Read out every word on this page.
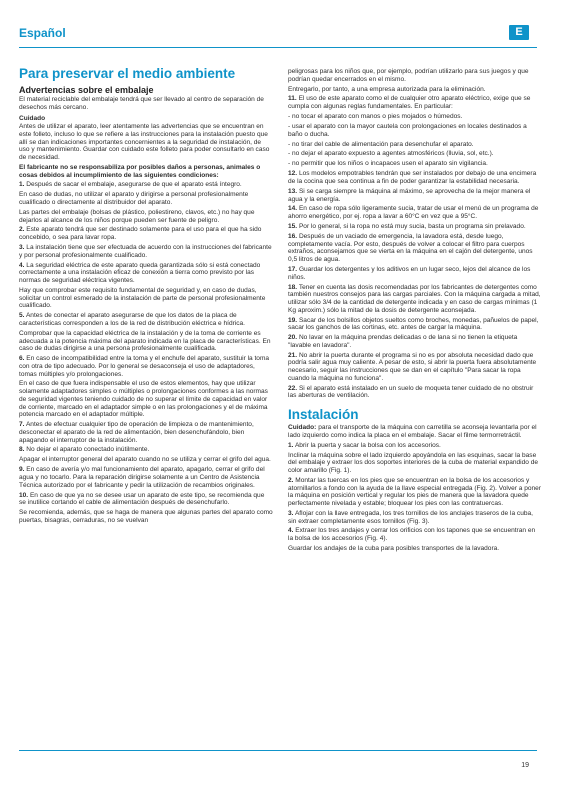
Español	E
Para preservar el medio ambiente
Advertencias sobre el embalaje

El material reciclable del embalaje tendrá que ser llevado al centro de separación de desechos más cercano.

Cuidado

Antes de utilizar el aparato, leer atentamente las advertencias que se encuentran en este folleto, incluso lo que se refiere a las instrucciones para la instalación puesto que allí se dan indicaciones importantes concernientes a la seguridad de instalación, de uso y mantenimiento. Guardar con cuidado este folleto para poder consultarlo en caso de necesidad.

El fabricante no se responsabiliza por posibles daños a personas, animales o cosas debidos al incumplimiento de las siguientes condiciones:

1. Después de sacar el embalaje, asegurarse de que el aparato está íntegro.

En caso de dudas, no utilizar el aparato y dirigirse a personal profesionalmente cualificado o directamente al distribuidor del aparato.

Las partes del embalaje (bolsas de plástico, poliestireno, clavos, etc.) no hay que dejarlos al alcance de los niños porque pueden ser fuente de peligro.

2. Este aparato tendrá que ser destinado solamente para el uso para el que ha sido concebido, o sea para lavar ropa.

3. La instalación tiene que ser efectuada de acuerdo con la instrucciones del fabricante y por personal profesionalmente cualificado.

4. La seguridad eléctrica de este aparato queda garantizada sólo si está conectado correctamente a una instalación eficaz de conexión a tierra como previsto por las normas de seguridad eléctrica vigentes.

Hay que comprobar este requisito fundamental de seguridad y, en caso de dudas, solicitar un control esmerado de la instalación de parte de personal profesionalmente cualificado.

5. Antes de conectar el aparato asegurarse de que los datos de la placa de características corresponden a los de la red de distribución eléctrica e hídrica.

Comprobar que la capacidad eléctrica de la instalación y de la toma de corriente es adecuada a la potencia máxima del aparato indicada en la placa de características. En caso de dudas dirigirse a una persona profesionalmente cualificada.

6. En caso de incompatibilidad entre la toma y el enchufe del aparato, sustituir la toma con otra de tipo adecuado. Por lo general se desaconseja el uso de adaptadores, tomas múltiples y/o prolongaciones.

En el caso de que fuera indispensable el uso de estos elementos, hay que utilizar solamente adaptadores simples o múltiples o prolongaciones conformes a las normas de seguridad vigentes teniendo cuidado de no superar el límite de capacidad en valor de corriente, marcado en el adaptador simple o en las prolongaciones y el de máxima potencia marcado en el adaptador múltiple.

7. Antes de efectuar cualquier tipo de operación de limpieza o de mantenimiento, desconectar el aparato de la red de alimentación, bien desenchufándolo, bien apagando el interruptor de la instalación.

8. No dejar el aparato conectado inútilmente.

Apagar el interruptor general del aparato cuando no se utiliza y cerrar el grifo del agua.

9. En caso de avería y/o mal funcionamiento del aparato, apagarlo, cerrar el grifo del agua y no tocarlo. Para la reparación dirigirse solamente a un Centro de Asistencia Técnica autorizado por el fabricante y pedir la utilización de recambios originales.

10. En caso de que ya no se desee usar un aparato de este tipo, se recomienda que se inutilice cortando el cable de alimentación después de desenchufarlo.

Se recomienda, además, que se haga de manera que algunas partes del aparato como puertas, bisagras, cerraduras, no se vuelvan

peligrosas para los niños que, por ejemplo, podrían utilizarlo para sus juegos y que podrían quedar encerrados en el mismo.

Entregarlo, por tanto, a una empresa autorizada para la eliminación.

11. El uso de este aparato como el de cualquier otro aparato eléctrico, exige que se cumpla con algunas reglas fundamentales. En particular:

- no tocar el aparato con manos o pies mojados o húmedos.

- usar el aparato con la mayor cautela con prolongaciones en locales destinados a baño o ducha.

- no tirar del cable de alimentación para desenchufar el aparato.

- no dejar el aparato expuesto a agentes atmosféricos (lluvia, sol, etc.).

- no permitir que los niños o incapaces usen el aparato sin vigilancia.

12. Los modelos empotrables tendrán que ser instalados por debajo de una encimera de la cocina que sea continua a fin de poder garantizar la estabilidad necesaria.

13. Si se carga siempre la máquina al máximo, se aprovecha de la mejor manera el agua y la energía.

14. En caso de ropa sólo ligeramente sucia, tratar de usar el menú de un programa de ahorro energético, por ej. ropa a lavar a 60°C en vez que a 95°C.

15. Por lo general, si la ropa no está muy sucia, basta un programa sin prelavado.

16. Después de un vaciado de emergencia, la lavadora está, desde luego, completamente vacía. Por esto, después de volver a colocar el filtro para cuerpos extraños, aconsejamos que se vierta en la máquina en el cajón del detergente, unos 0,5 litros de agua.

17. Guardar los detergentes y los aditivos en un lugar seco, lejos del alcance de los niños.

18. Tener en cuenta las dosis recomendadas por los fabricantes de detergentes como también nuestros consejos para las cargas parciales. Con la máquina cargada a mitad, utilizar sólo 3/4 de la cantidad de detergente indicada y en caso de cargas mínimas (1 Kg aproxim.) sólo la mitad de la dosis de detergente aconsejada.

19. Sacar de los bolsillos objetos sueltos como broches, monedas, pañuelos de papel, sacar los ganchos de las cortinas, etc. antes de cargar la máquina.

20. No lavar en la máquina prendas delicadas o de lana si no tienen la etiqueta "lavable en lavadora".

21. No abrir la puerta durante el programa si no es por absoluta necesidad dado que podría salir agua muy caliente. A pesar de esto, si abrir la puerta fuera absolutamente necesario, seguir las instrucciones que se dan en el capítulo "Para sacar la ropa cuando la máquina no funciona".

22. Si el aparato está instalado en un suelo de moqueta tener cuidado de no obstruir las aberturas de ventilación.

Instalación

Cuidado: para el transporte de la máquina con carretilla se aconseja levantarla por el lado izquierdo como indica la placa en el embalaje. Sacar el filme termorretráctil.

1. Abrir la puerta y sacar la bolsa con los accesorios.

Inclinar la máquina sobre el lado izquierdo apoyándola en las esquinas, sacar la base del embalaje y extraer los dos soportes interiores de la cuba de material expandido de color amarillo (Fig. 1).

2. Montar las tuercas en los pies que se encuentran en la bolsa de los accesorios y atornillarlos a fondo con la ayuda de la llave especial entregada (Fig. 2). Volver a poner la máquina en posición vertical y regular los pies de manera que la lavadora quede perfectamente nivelada y estable; bloquear los pies con las contratuercas.

3. Aflojar con la llave entregada, los tres tornillos de los anclajes traseros de la cuba, sin extraer completamente esos tornillos (Fig. 3).

4. Extraer los tres andajes y cerrar los orificios con los tapones que se encuentran en la bolsa de los accesorios (Fig. 4).

Guardar los andajes de la cuba para posibles transportes de la lavadora.

19
